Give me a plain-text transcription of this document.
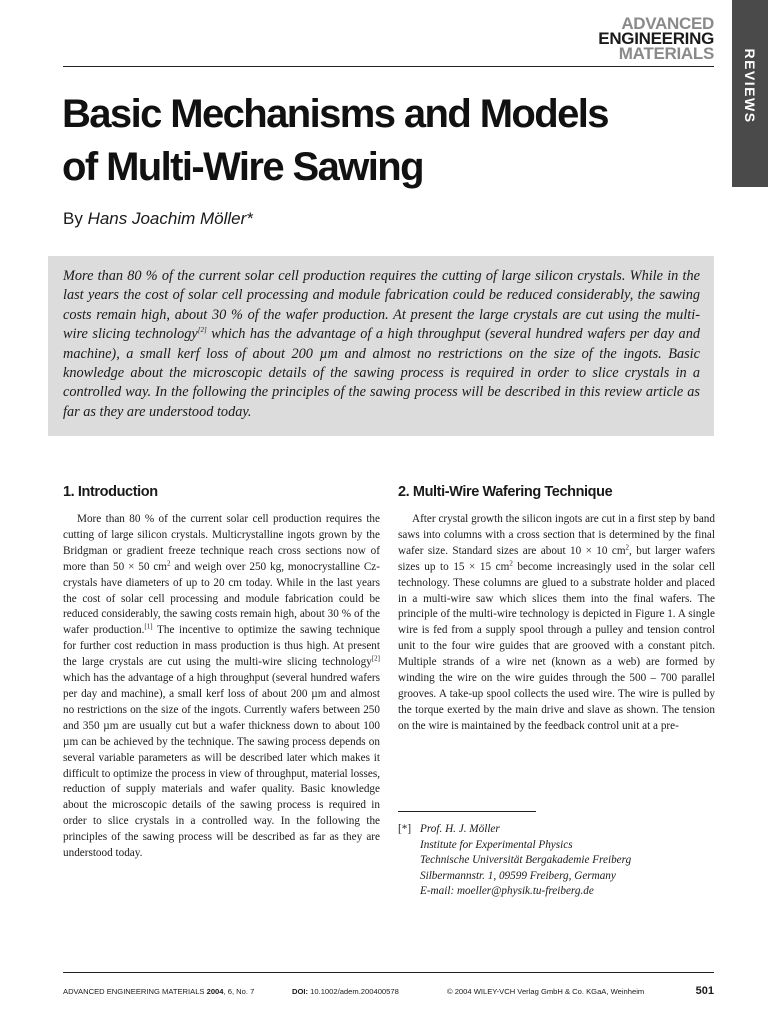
ADVANCED
ENGINEERING
MATERIALS REVIEWS
Basic Mechanisms and Models
of Multi-Wire Sawing
By Hans Joachim Möller*

More than 80 % of the current solar cell production requires the cutting of large silicon crystals. While in the last years the cost of solar cell processing and module fabrication could be reduced considerably, the sawing costs remain high, about 30 % of the wafer production. At present the large crystals are cut using the multi-wire slicing technology[2] which has the advantage of a high throughput (several hundred wafers per day and machine), a small kerf loss of about 200 µm and almost no restrictions on the size of the ingots. Basic knowledge about the microscopic details of the sawing process is required in order to slice crystals in a controlled way. In the following the principles of the sawing process will be described in this review article as far as they are understood today.

1. Introduction

More than 80 % of the current solar cell production requires the cutting of large silicon crystals. Multicrystalline ingots grown by the Bridgman or gradient freeze technique reach cross sections now of more than 50 × 50 $cm^2$ and weigh over 250 kg, monocrystalline Cz-crystals have diameters of up to 20 cm today. While in the last years the cost of solar cell processing and module fabrication could be reduced considerably, the sawing costs remain high, about 30 % of the wafer production.[1] The incentive to optimize the sawing technique for further cost reduction in mass production is thus high. At present the large crystals are cut using the multi-wire slicing technology[2] which has the advantage of a high throughput (several hundred wafers per day and machine), a small kerf loss of about 200 µm and almost no restrictions on the size of the ingots. Currently wafers between 250 and 350 µm are usually cut but a wafer thickness down to about 100 µm can be achieved by the technique. The sawing process depends on several variable parameters as will be described later which makes it difficult to optimize the process in view of throughput, material losses, reduction of supply materials and wafer quality. Basic knowledge about the microscopic details of the sawing process is required in order to slice crystals in a controlled way. In the following the principles of the sawing process will be described as far as they are understood today.

2. Multi-Wire Wafering Technique

After crystal growth the silicon ingots are cut in a first step by band saws into columns with a cross section that is determined by the final wafer size. Standard sizes are about 10 × 10 $cm^2$, but larger wafers sizes up to 15 × 15 $cm^2$ become increasingly used in the solar cell technology. These columns are glued to a substrate holder and placed in a multi-wire saw which slices them into the final wafers. The principle of the multi-wire technology is depicted in Figure 1. A single wire is fed from a supply spool through a pulley and tension control unit to the four wire guides that are grooved with a constant pitch. Multiple strands of a wire net (known as a web) are formed by winding the wire on the wire guides through the 500 – 700 parallel grooves. A take-up spool collects the used wire. The wire is pulled by the torque exerted by the main drive and slave as shown. The tension on the wire is maintained by the feedback control unit at a pre-

[*] Prof. H. J. Möller
Institute for Experimental Physics
Technische Universität Bergakademie Freiberg
Silbermannstr. 1, 09599 Freiberg, Germany
E-mail: moeller@physik.tu-freiberg.de
ADVANCED ENGINEERING MATERIALS 2004, 6, No. 7	DOI: 10.1002/adem.200400578	© 2004 WILEY-VCH Verlag GmbH & Co. KGaA, Weinheim	501
